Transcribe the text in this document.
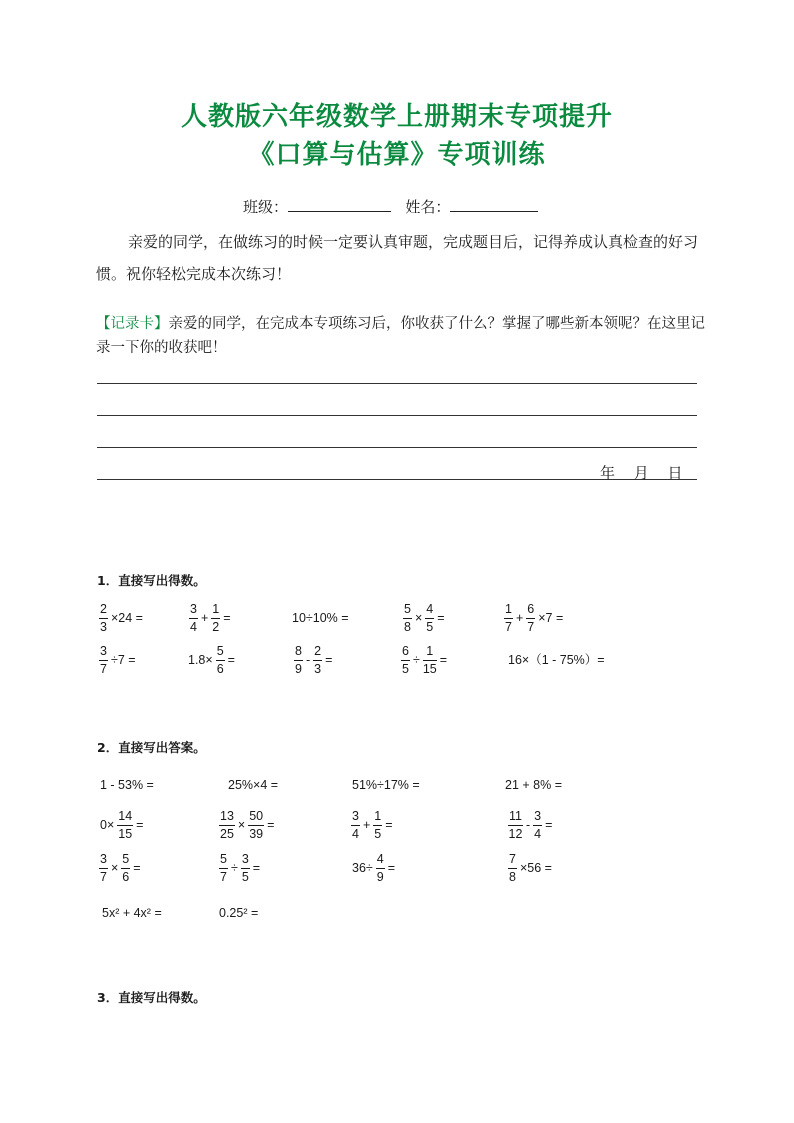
人教版六年级数学上册期末专项提升
《口算与估算》专项训练
班级：	姓名：
亲爱的同学，在做练习的时候一定要认真审题，完成题目后，记得养成认真检查的好习惯。祝你轻松完成本次练习！
【记录卡】亲爱的同学，在完成本专项练习后，你收获了什么？掌握了哪些新本领呢？在这里记录一下你的收获吧！
年 月 日
1．直接写出得数。
2．直接写出答案。
3．直接写出得数。
$\frac{2}{3} \times 24$ =	$\frac{3}{4} + \frac{1}{2}$ =	10÷10% =	$\frac{5}{8} \times \frac{4}{5}$ =	$\frac{1}{7} + \frac{6}{7} \times 7$ =
$\frac{3}{7} \div 7$ =	$1.8\times \frac{5}{6}$ =	$\frac{8}{9} - \frac{2}{3}$ =	$\frac{6}{5} \div \frac{1}{15}$ =	16×（1 - 75%）=
1 - 53% =	25%×4 =	51%÷17% =	21 + 8% =
$0\times \frac{14}{15}$ =	$\frac{13}{25} \times \frac{50}{39}$ =	$\frac{3}{4} + \frac{1}{5}$ =	$\frac{11}{12} - \frac{3}{4}$ =
$\frac{3}{7} \times \frac{5}{6}$ =	$\frac{5}{7} \div \frac{3}{5}$ =	$36\div \frac{4}{9}$ =	$\frac{7}{8} \times 56$ =
5x² + 4x² =	0.25² =
